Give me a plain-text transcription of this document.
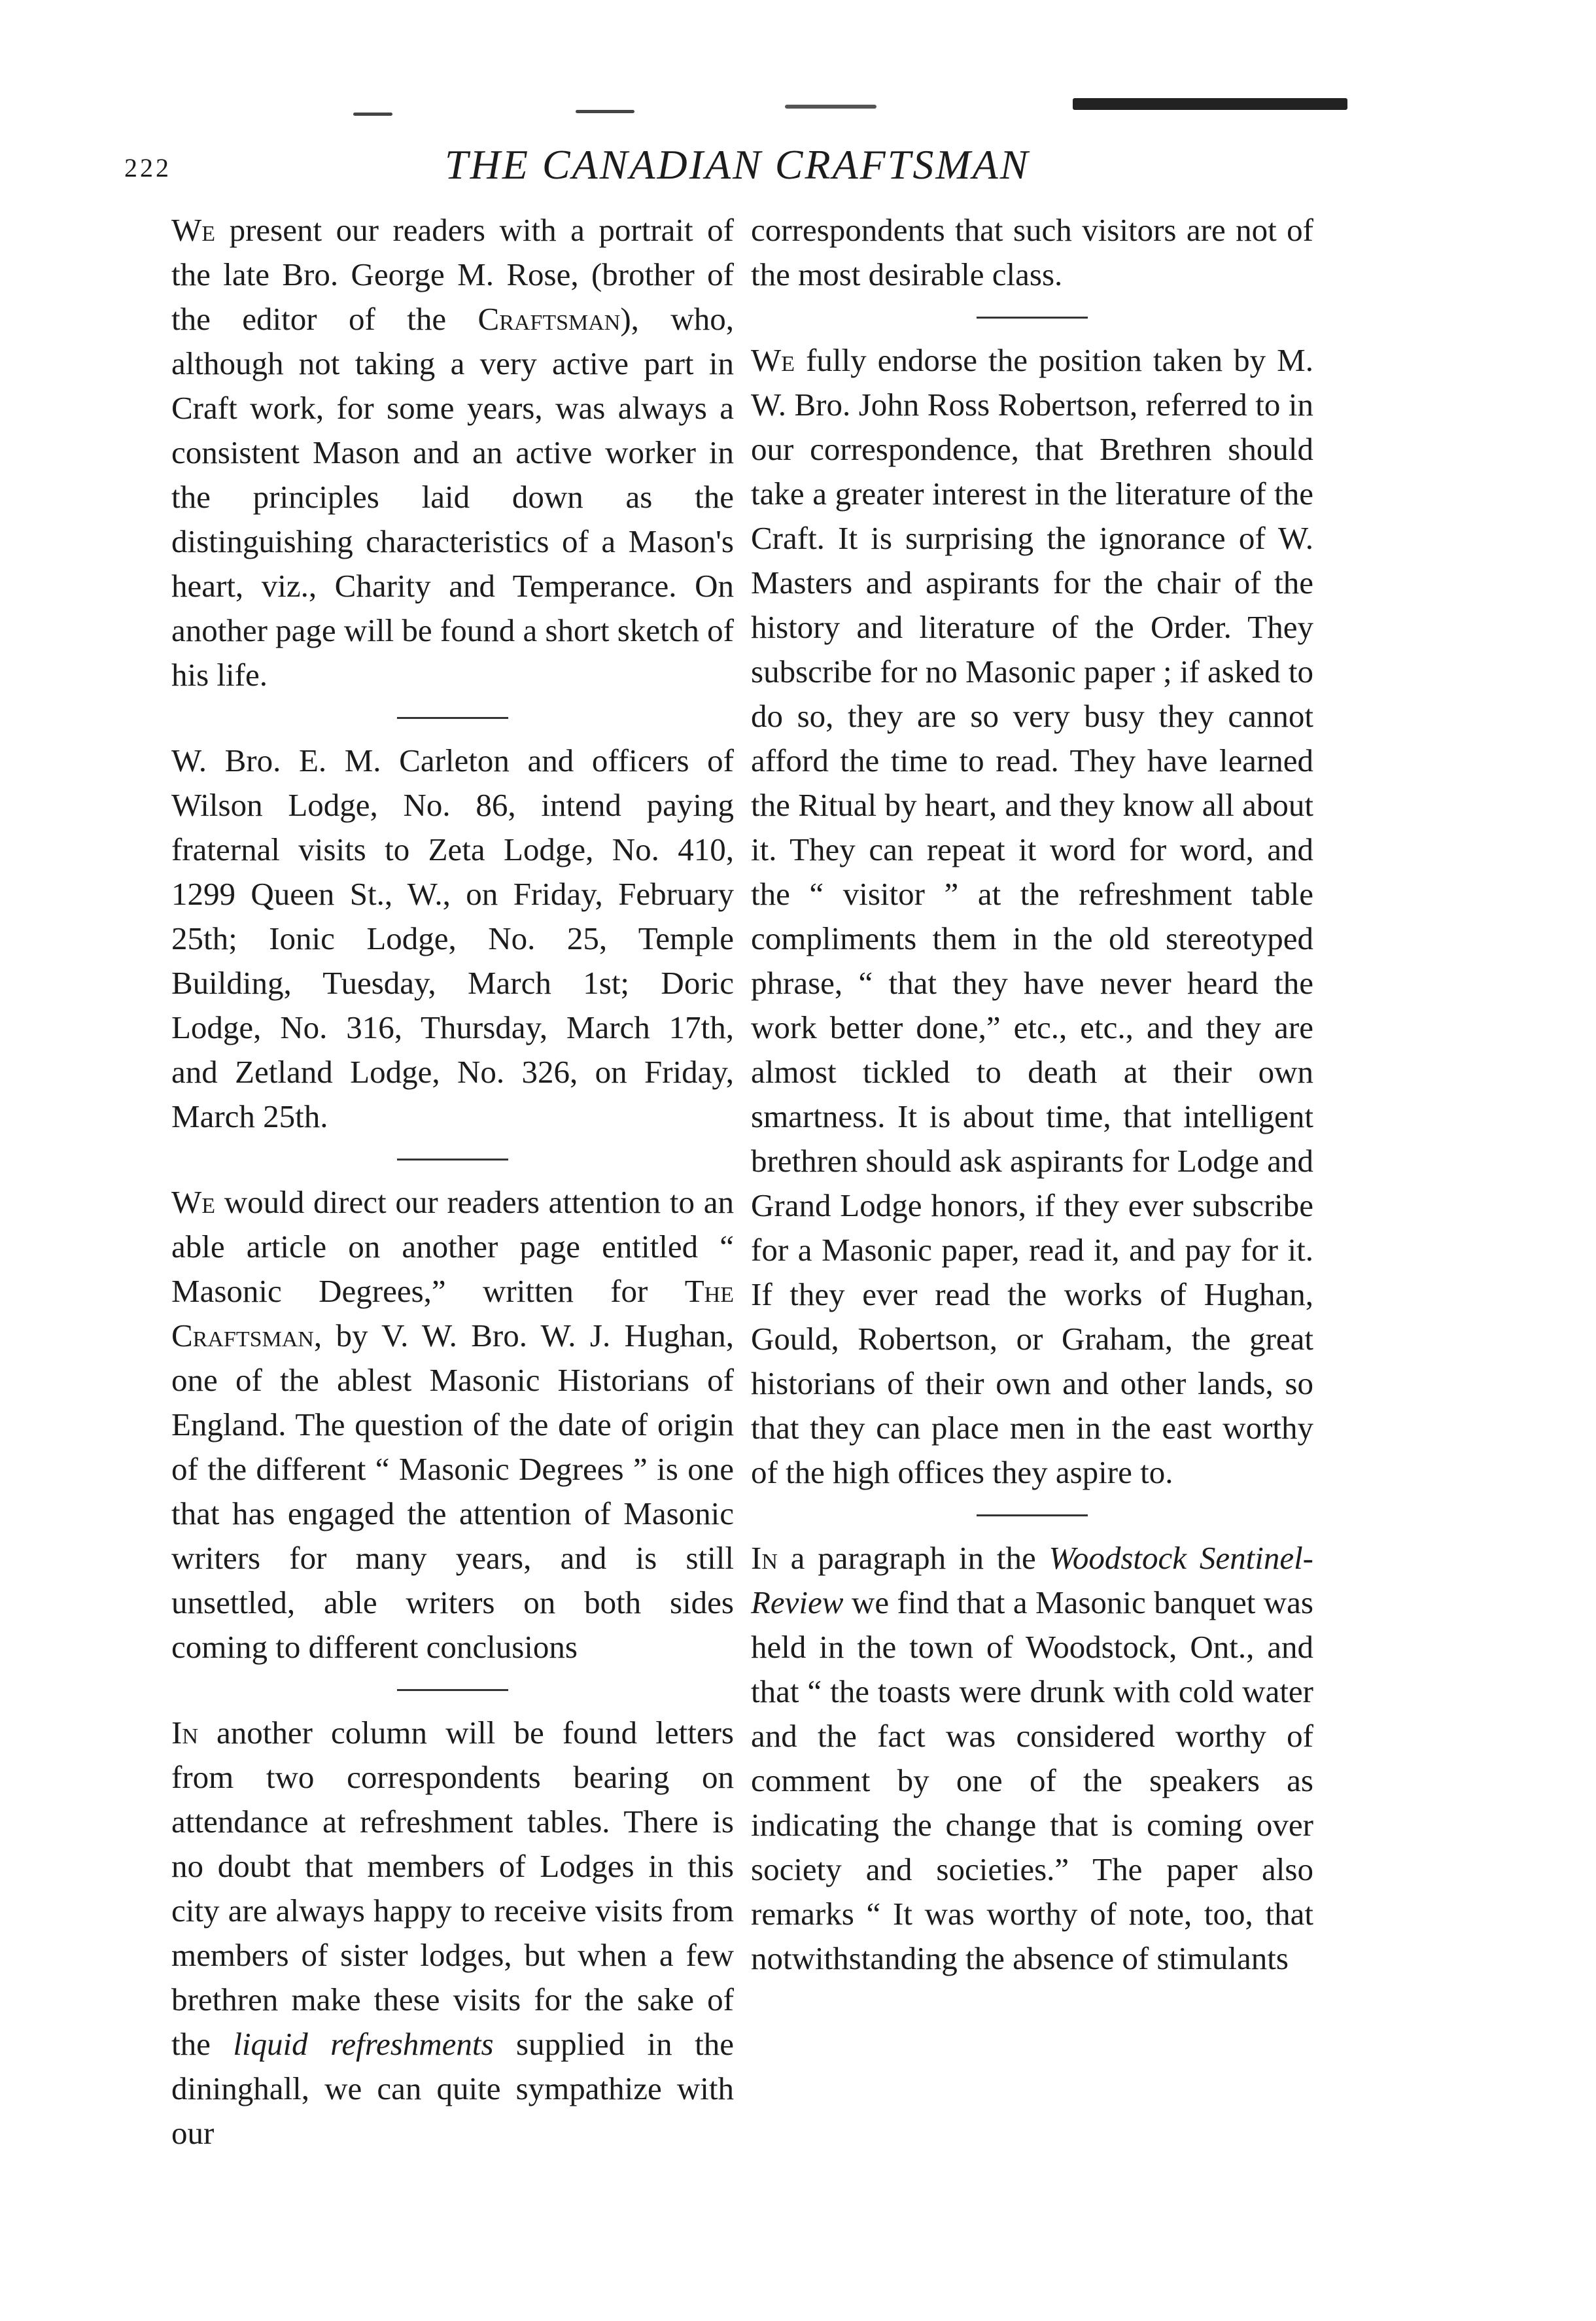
222	THE CANADIAN CRAFTSMAN

We present our readers with a portrait of the late Bro. George M. Rose, (brother of the editor of the Craftsman), who, although not taking a very active part in Craft work, for some years, was always a consistent Mason and an active worker in the principles laid down as the distinguishing characteristics of a Mason's heart, viz., Charity and Temperance. On another page will be found a short sketch of his life.

W. Bro. E. M. Carleton and officers of Wilson Lodge, No. 86, intend paying fraternal visits to Zeta Lodge, No. 410, 1299 Queen St., W., on Friday, February 25th; Ionic Lodge, No. 25, Temple Building, Tuesday, March 1st; Doric Lodge, No. 316, Thursday, March 17th, and Zetland Lodge, No. 326, on Friday, March 25th.

We would direct our readers attention to an able article on another page entitled “ Masonic Degrees,” written for The Craftsman, by V. W. Bro. W. J. Hughan, one of the ablest Masonic Historians of England. The question of the date of origin of the different “ Masonic Degrees ” is one that has engaged the attention of Masonic writers for many years, and is still unsettled, able writers on both sides coming to different conclusions

In another column will be found letters from two correspondents bearing on attendance at refreshment tables. There is no doubt that members of Lodges in this city are always happy to receive visits from members of sister lodges, but when a few brethren make these visits for the sake of the liquid refreshments supplied in the dininghall, we can quite sympathize with our

correspondents that such visitors are not of the most desirable class.

We fully endorse the position taken by M. W. Bro. John Ross Robertson, referred to in our correspondence, that Brethren should take a greater interest in the literature of the Craft. It is surprising the ignorance of W. Masters and aspirants for the chair of the history and literature of the Order. They subscribe for no Masonic paper ; if asked to do so, they are so very busy they cannot afford the time to read. They have learned the Ritual by heart, and they know all about it. They can repeat it word for word, and the “ visitor ” at the refreshment table compliments them in the old stereotyped phrase, “ that they have never heard the work better done,” etc., etc., and they are almost tickled to death at their own smartness. It is about time, that intelligent brethren should ask aspirants for Lodge and Grand Lodge honors, if they ever subscribe for a Masonic paper, read it, and pay for it. If they ever read the works of Hughan, Gould, Robertson, or Graham, the great historians of their own and other lands, so that they can place men in the east worthy of the high offices they aspire to.

In a paragraph in the Woodstock Sentinel-Review we find that a Masonic banquet was held in the town of Woodstock, Ont., and that “ the toasts were drunk with cold water and the fact was considered worthy of comment by one of the speakers as indicating the change that is coming over society and societies.” The paper also remarks “ It was worthy of note, too, that notwithstanding the absence of stimulants
